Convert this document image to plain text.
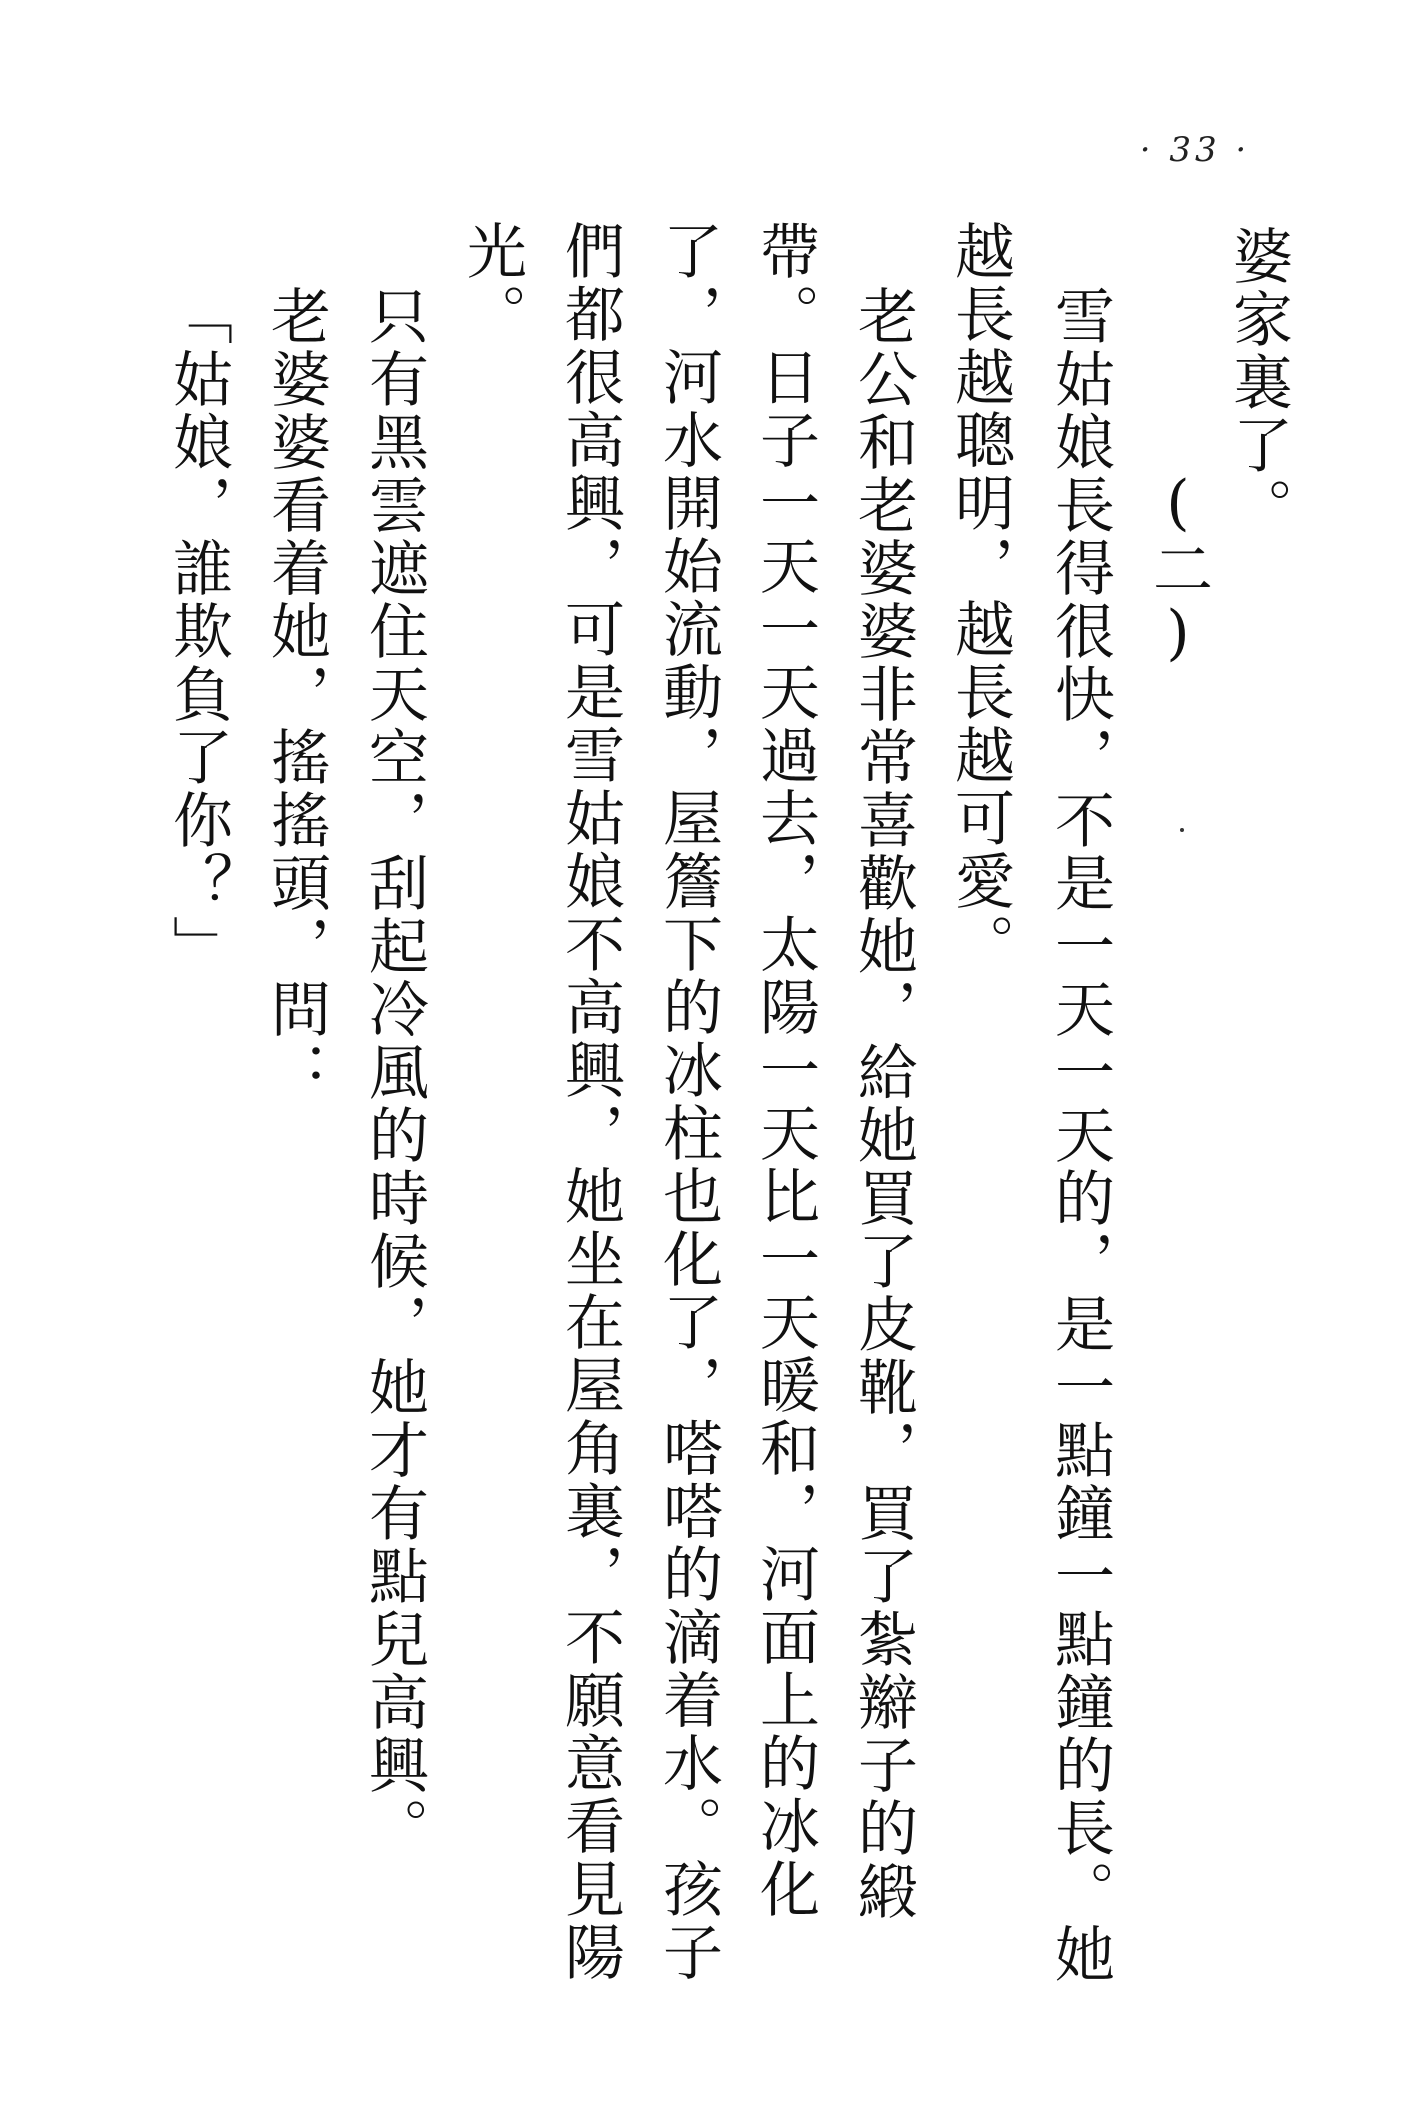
· 33 ·
婆家裏了。
(二)
雪姑娘長得很快，不是一天一天的，是一點鐘一點鐘的長。她
越長越聰明，越長越可愛。
老公和老婆婆非常喜歡她，給她買了皮靴，買了紮辮子的緞
帶。日子一天一天過去，太陽一天比一天暖和，河面上的冰化
了，河水開始流動，屋簷下的冰柱也化了，嗒嗒的滴着水。孩子
們都很高興，可是雪姑娘不高興，她坐在屋角裏，不願意看見陽
光。
只有黑雲遮住天空，刮起冷風的時候，她才有點兒高興。
老婆婆看着她，搖搖頭，問：
「姑娘，誰欺負了你？」
